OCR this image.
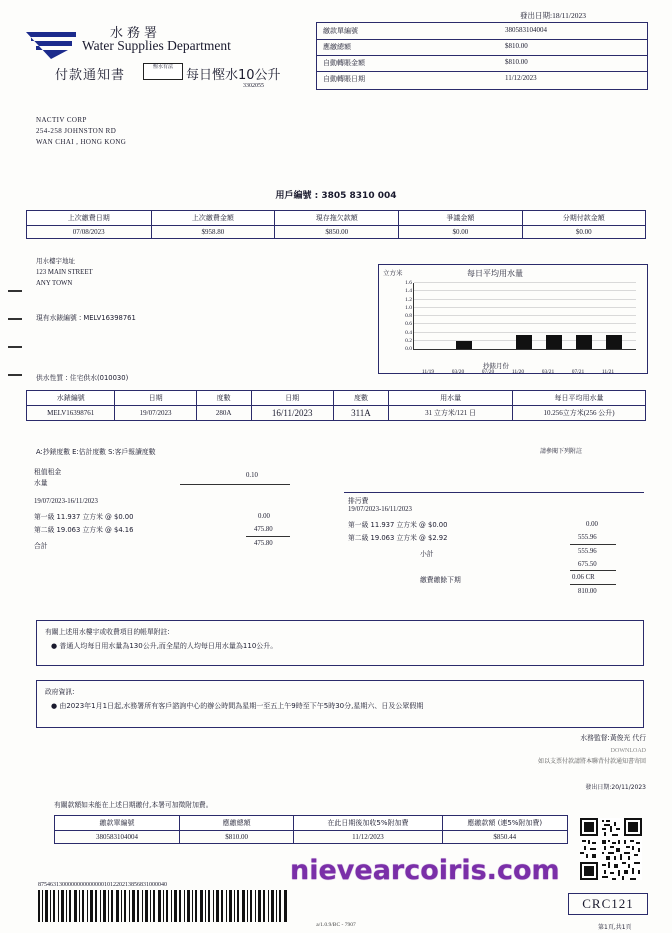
水務署
Water Supplies Department
付款通知書
慳水有法
每日慳水10公升
3302055
發出日期:18/11/2023
繳款單編號	380583104004
應繳總額	$810.00
自動轉賬金額	$810.00
自動轉賬日期	11/12/2023
NACTIV CORP
254-258 JOHNSTON RD
WAN CHAI , HONG KONG
用戶編號 : 3805 8310 004
上次繳費日期	上次繳費金額	現存拖欠款額	爭議金額	分期付款金額
07/08/2023	$958.80	$850.00	$0.00	$0.00
用水樓宇地址
123 MAIN STREET
ANY TOWN
現有水錶編號 : MELV16398761
供水性質 : 住宅供水(010030)
立方米	每日平均用水量
0.0
0.2
0.4
0.6
0.8
1.0
1.2
1.4
1.6
11/19	03/20	07/20	11/20	03/21	07/21	11/21
抄錶月份
水錶編號	日期	度數	日期	度數	用水量	每日平均用水量
MELV16398761	19/07/2023	280A	16/11/2023	311A	31 立方米/121 日	10.256立方米(256 公升)
A:抄錶度數 E:估計度數 S:客戶報讀度數	請參閱下列附註
租值租金
水量
0.10
19/07/2023-16/11/2023
第一級 11.937 立方米 @ $0.00	0.00
第二級 19.063 立方米 @ $4.16	475.80
合計	475.80
排污費
19/07/2023-16/11/2023
第一級 11.937 立方米 @ $0.00	0.00
第二級 19.063 立方米 @ $2.92	555.96
小計	555.96
675.50
繳費繳餘下期	0.06 CR
810.00
有關上述用水樓宇或收費項目的帳單附註:
● 普通人均每日用水量為130公升,而全屋的人均每日用水量為110公升。
政府資訊:
● 由2023年1月1日起,水務署所有客戶諮詢中心的辦公時間為星期一至五上午9時至下午5時30分,星期六、日及公眾假期
水務監督:黃俊光 代行
DOWNLOAD
如以支票付款請將本聯背付款通知書寄回
發出日期:20/11/2023
有關款額如未能在上述日期繳付,本署可加徵附加費。
繳款單編號	應繳總額	在此日期後加收5%附加費	應繳款額 (連5%附加費)
380583104004	$810.00	11/12/2023	$850.44
nievearcoiris.com
8754631300000000000000101220213856831000040
CRC121
a/1.0.9/BC - 7907	第1頁,共1頁
